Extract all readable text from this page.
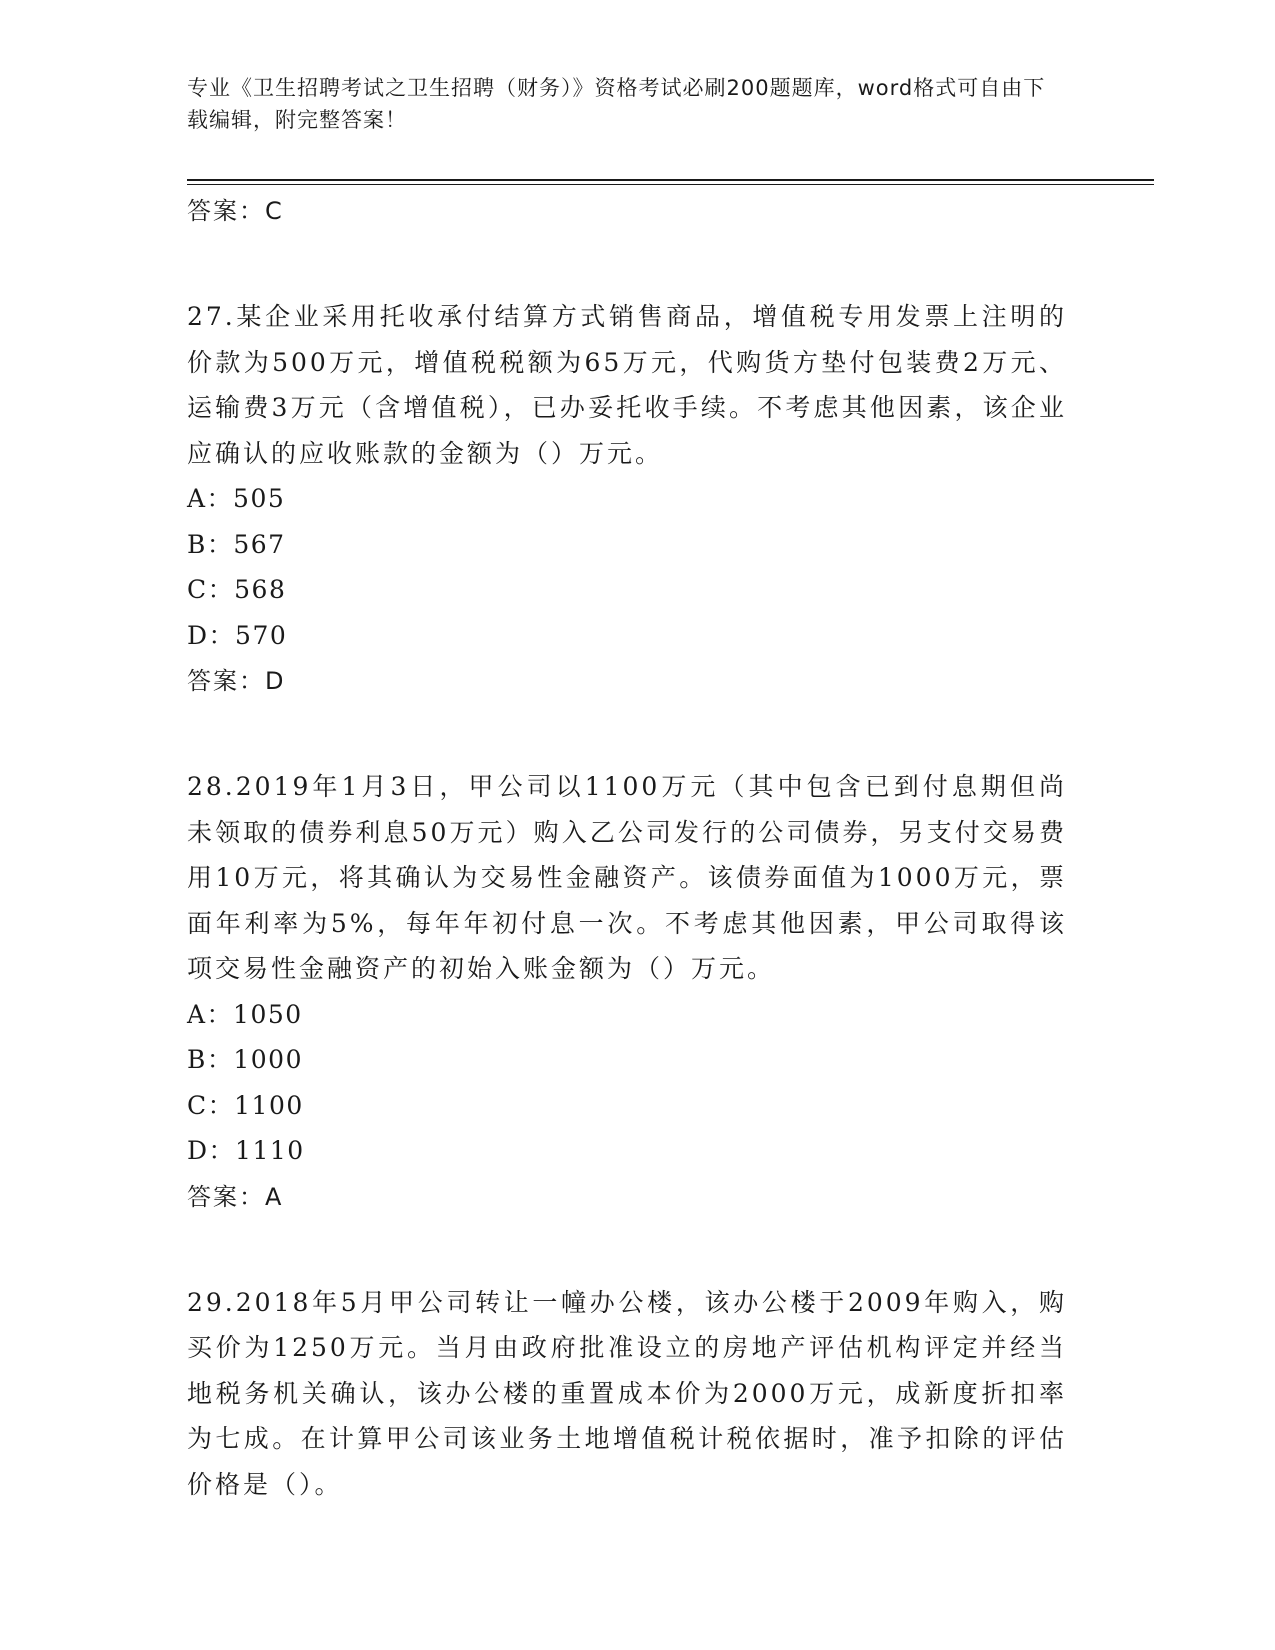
专业《卫生招聘考试之卫生招聘（财务）》资格考试必刷200题题库，word格式可自由下载编辑，附完整答案！
答案：C
27.某企业采用托收承付结算方式销售商品，增值税专用发票上注明的价款为500万元，增值税税额为65万元，代购货方垫付包装费2万元、运输费3万元（含增值税），已办妥托收手续。不考虑其他因素，该企业应确认的应收账款的金额为（）万元。
A：505
B：567
C：568
D：570
答案：D
28.2019年1月3日，甲公司以1100万元（其中包含已到付息期但尚未领取的债券利息50万元）购入乙公司发行的公司债券，另支付交易费用10万元，将其确认为交易性金融资产。该债券面值为1000万元，票面年利率为5%，每年年初付息一次。不考虑其他因素，甲公司取得该项交易性金融资产的初始入账金额为（）万元。
A：1050
B：1000
C：1100
D：1110
答案：A
29.2018年5月甲公司转让一幢办公楼，该办公楼于2009年购入，购买价为1250万元。当月由政府批准设立的房地产评估机构评定并经当地税务机关确认，该办公楼的重置成本价为2000万元，成新度折扣率为七成。在计算甲公司该业务土地增值税计税依据时，准予扣除的评估价格是（）。
